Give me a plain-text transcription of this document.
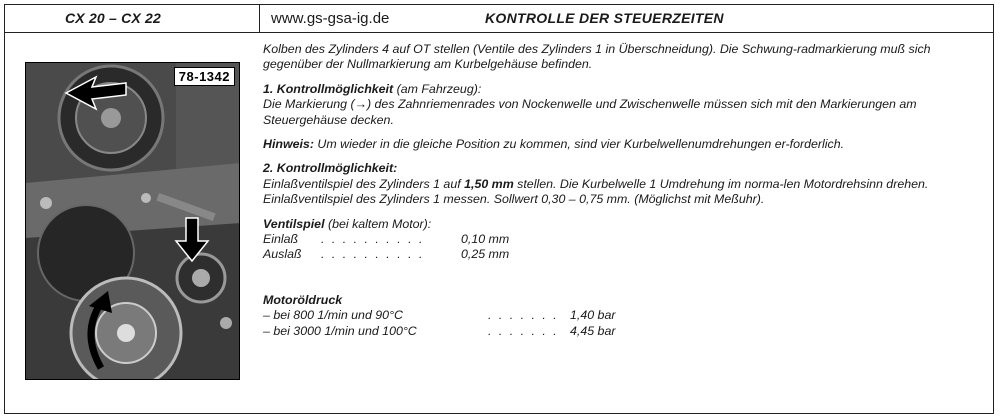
CX 20 – CX 22	www.gs-gsa-ig.de	KONTROLLE DER STEUERZEITEN
78-1342

Kolben des Zylinders 4 auf OT stellen (Ventile des Zylinders 1 in Überschneidung). Die Schwung-radmarkierung muß sich gegenüber der Nullmarkierung am Kurbelgehäuse befinden.

1. Kontrollmöglichkeit (am Fahrzeug):
Die Markierung (→) des Zahnriemenrades von Nockenwelle und Zwischenwelle müssen sich mit den Markierungen am Steuergehäuse decken.

Hinweis: Um wieder in die gleiche Position zu kommen, sind vier Kurbelwellenumdrehungen er-forderlich.

2. Kontrollmöglichkeit:
Einlaßventilspiel des Zylinders 1 auf 1,50 mm stellen. Die Kurbelwelle 1 Umdrehung im norma-len Motordrehsinn drehen.
Einlaßventilspiel des Zylinders 1 messen. Sollwert 0,30 – 0,75 mm. (Möglichst mit Meßuhr).

Ventilspiel (bei kaltem Motor):

Einlaß	. . . . . . . . . .	0,10 mm
Auslaß	. . . . . . . . . .	0,25 mm

Motoröldruck

– bei 800 1/min und 90°C	. . . . . . . 1,40 bar
– bei 3000 1/min und 100°C	. . . . . . . 4,45 bar
